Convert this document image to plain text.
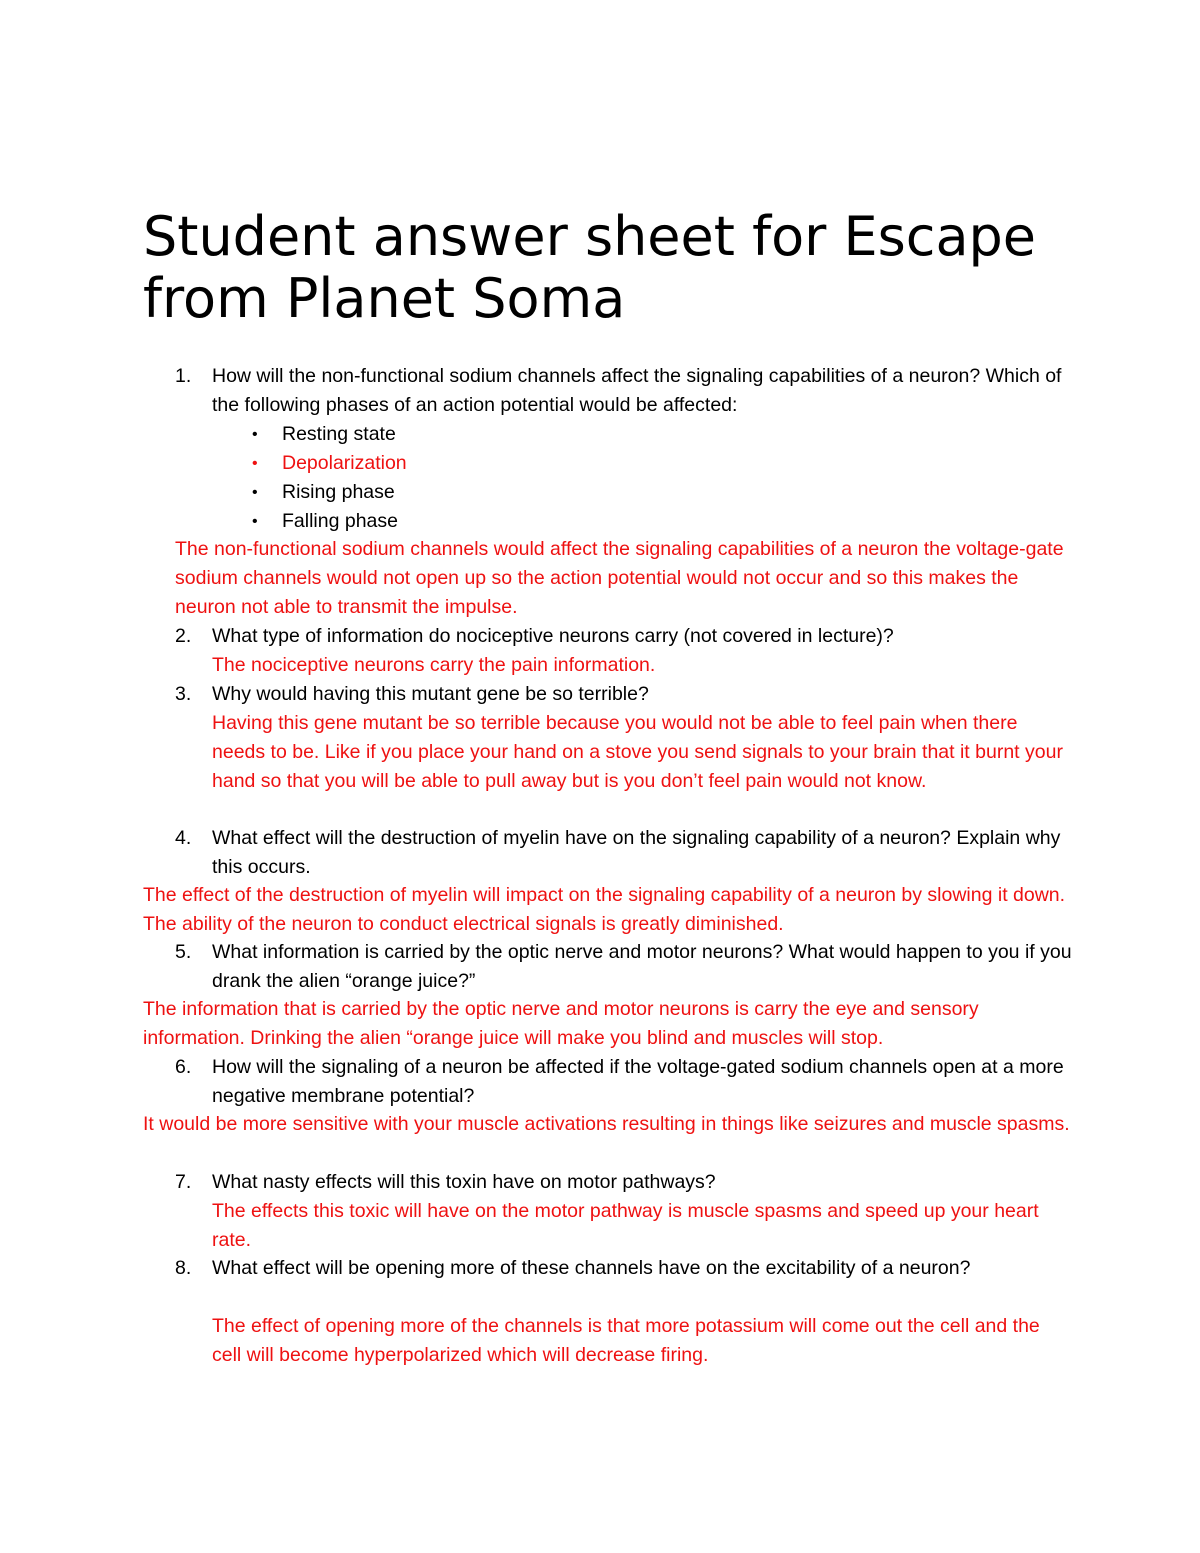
Student answer sheet for Escape from Planet Soma
1. How will the non-functional sodium channels affect the signaling capabilities of a neuron? Which of the following phases of an action potential would be affected:
• Resting state
• Depolarization
• Rising phase
• Falling phase
The non-functional sodium channels would affect the signaling capabilities of a neuron the voltage-gate sodium channels would not open up so the action potential would not occur and so this makes the neuron not able to transmit the impulse.
2. What type of information do nociceptive neurons carry (not covered in lecture)?
The nociceptive neurons carry the pain information.
3. Why would having this mutant gene be so terrible?
Having this gene mutant be so terrible because you would not be able to feel pain when there needs to be. Like if you place your hand on a stove you send signals to your brain that it burnt your hand so that you will be able to pull away but is you don’t feel pain would not know.
4. What effect will the destruction of myelin have on the signaling capability of a neuron? Explain why this occurs.
The effect of the destruction of myelin will impact on the signaling capability of a neuron by slowing it down. The ability of the neuron to conduct electrical signals is greatly diminished.
5. What information is carried by the optic nerve and motor neurons? What would happen to you if you drank the alien “orange juice?”
The information that is carried by the optic nerve and motor neurons is carry the eye and sensory information. Drinking the alien “orange juice will make you blind and muscles will stop.
6. How will the signaling of a neuron be affected if the voltage-gated sodium channels open at a more negative membrane potential?
It would be more sensitive with your muscle activations resulting in things like seizures and muscle spasms.
7. What nasty effects will this toxin have on motor pathways?
The effects this toxic will have on the motor pathway is muscle spasms and speed up your heart rate.
8. What effect will be opening more of these channels have on the excitability of a neuron?
The effect of opening more of the channels is that more potassium will come out the cell and the cell will become hyperpolarized which will decrease firing.
